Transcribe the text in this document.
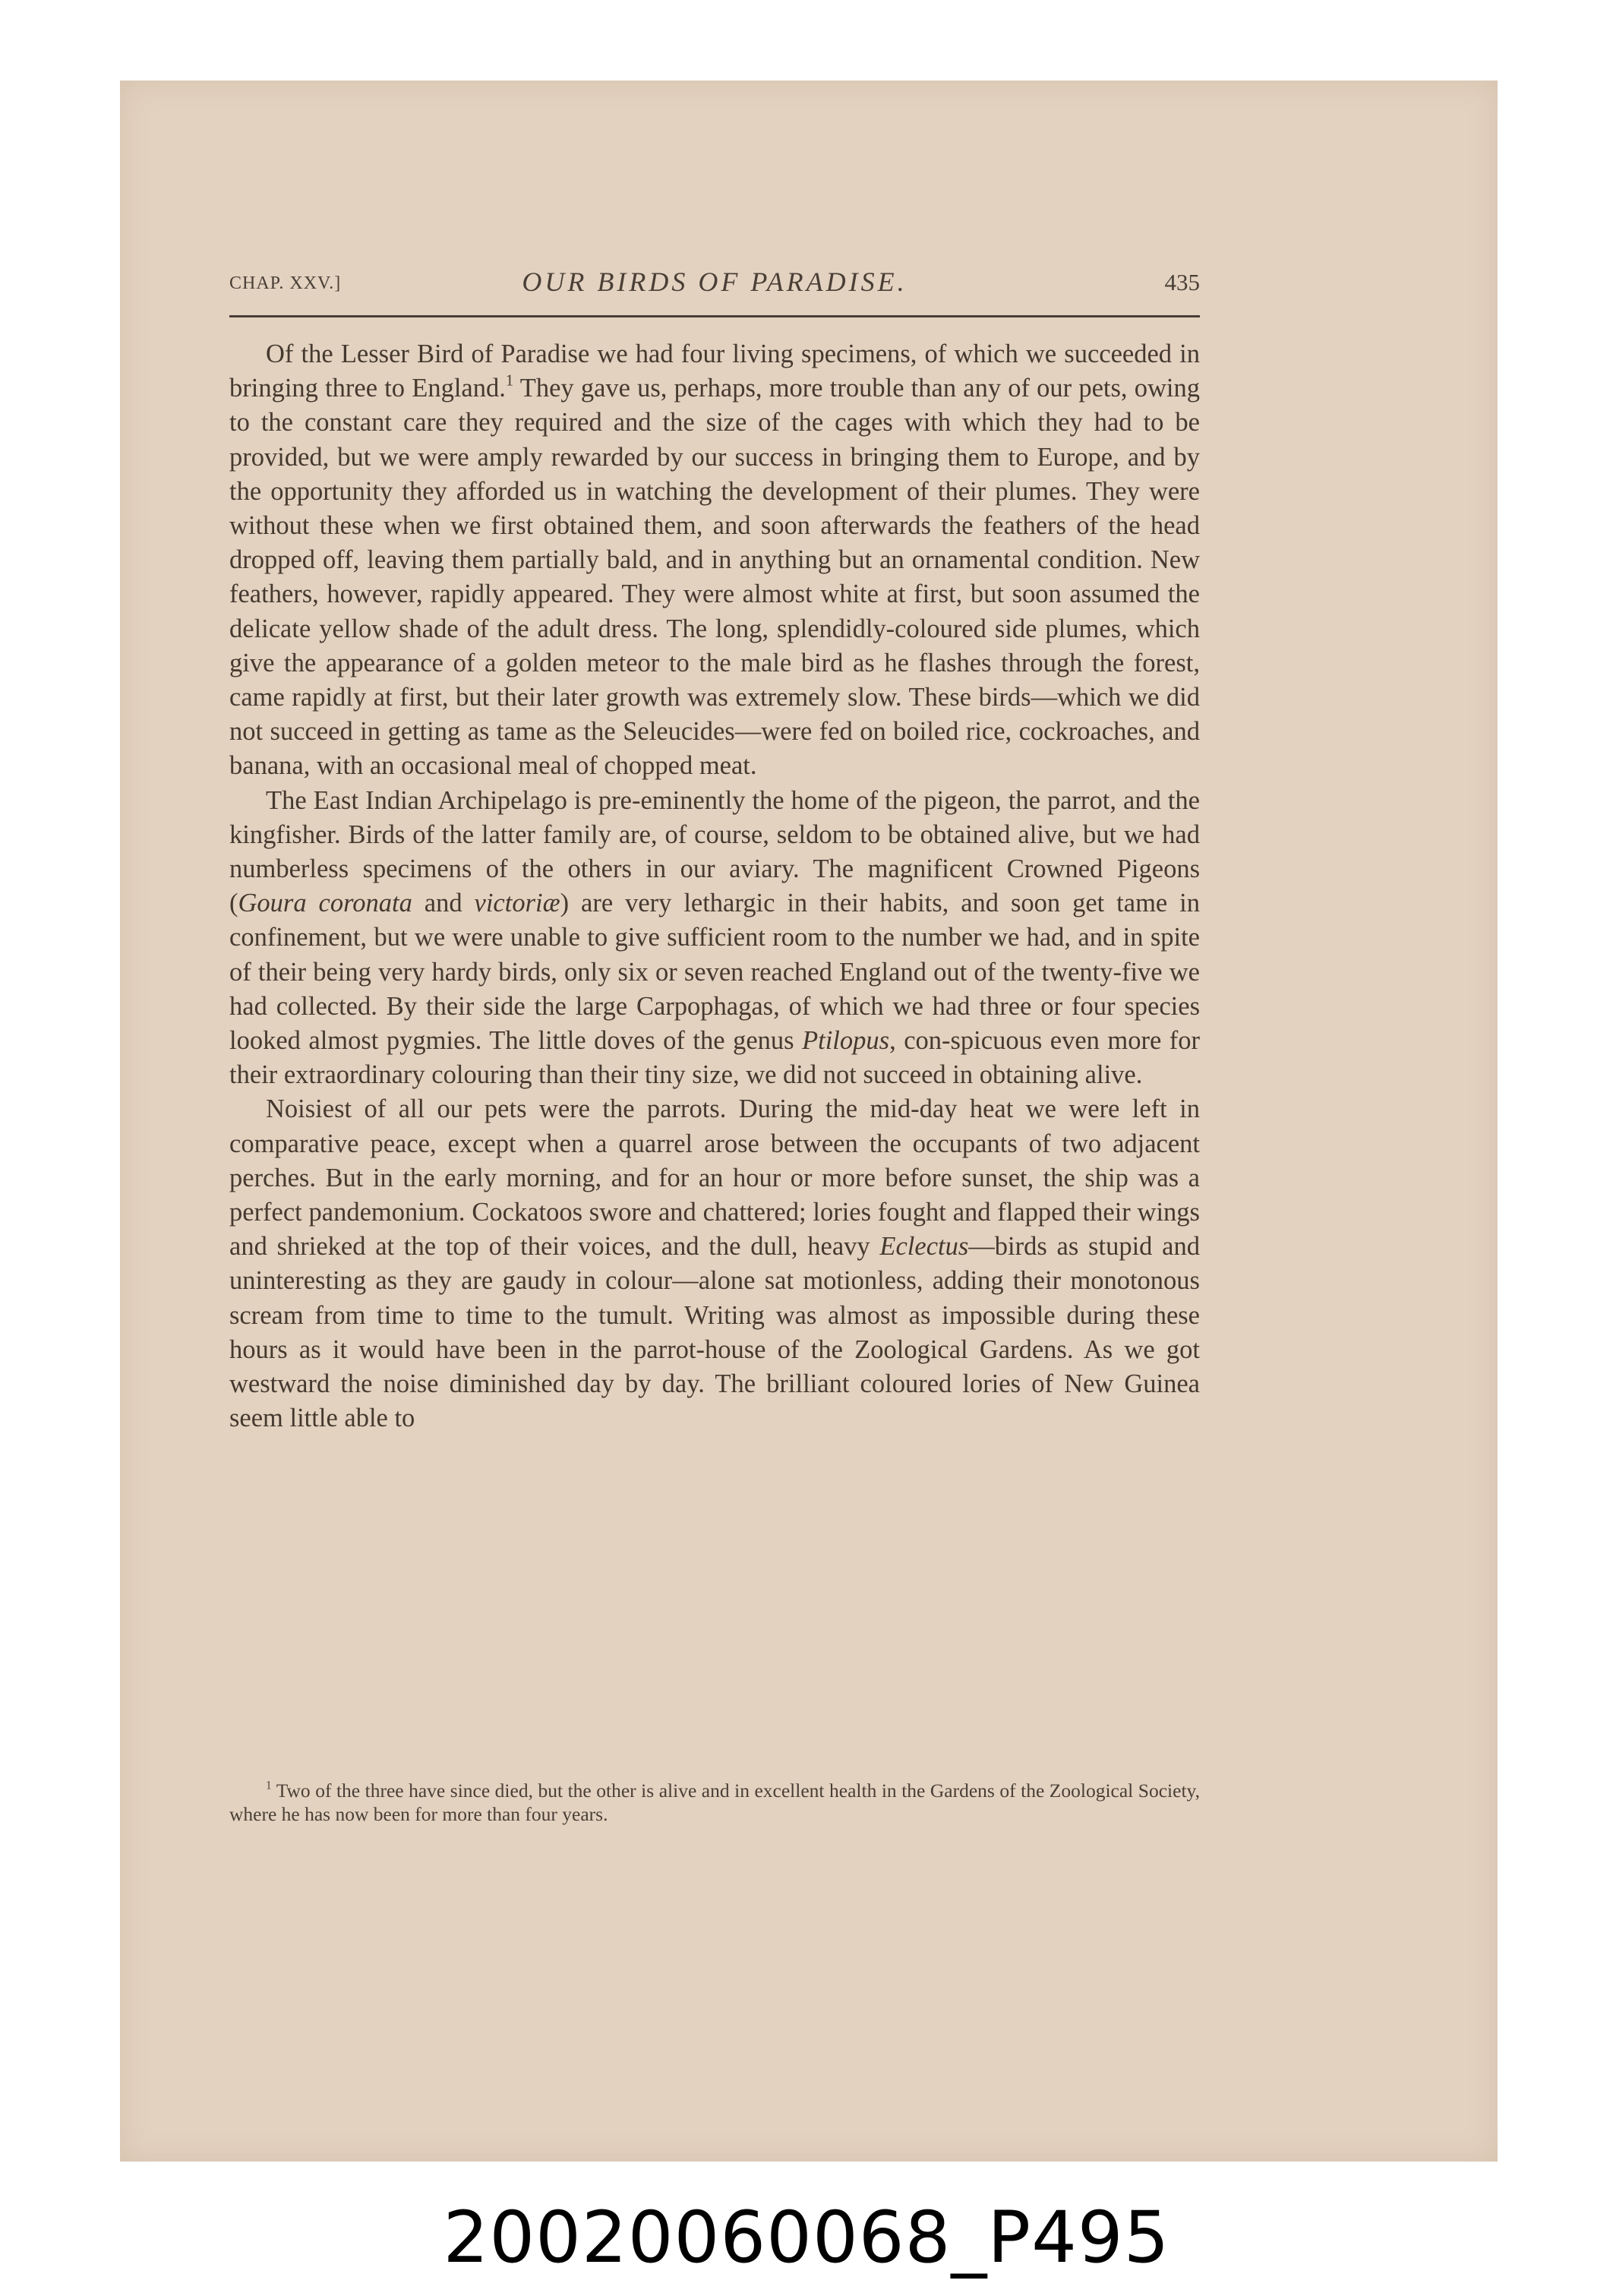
CHAP. XXV.]	OUR BIRDS OF PARADISE.	435

Of the Lesser Bird of Paradise we had four living specimens, of which we succeeded in bringing three to England.$^1$ They gave us, perhaps, more trouble than any of our pets, owing to the constant care they required and the size of the cages with which they had to be provided, but we were amply rewarded by our success in bringing them to Europe, and by the opportunity they afforded us in watching the development of their plumes. They were without these when we first obtained them, and soon afterwards the feathers of the head dropped off, leaving them partially bald, and in anything but an ornamental condition. New feathers, however, rapidly appeared. They were almost white at first, but soon assumed the delicate yellow shade of the adult dress. The long, splendidly-coloured side plumes, which give the appearance of a golden meteor to the male bird as he flashes through the forest, came rapidly at first, but their later growth was extremely slow. These birds—which we did not succeed in getting as tame as the Seleucides—were fed on boiled rice, cockroaches, and banana, with an occasional meal of chopped meat.

The East Indian Archipelago is pre-eminently the home of the pigeon, the parrot, and the kingfisher. Birds of the latter family are, of course, seldom to be obtained alive, but we had numberless specimens of the others in our aviary. The magnificent Crowned Pigeons (Goura coronata and victoriæ) are very lethargic in their habits, and soon get tame in confinement, but we were unable to give sufficient room to the number we had, and in spite of their being very hardy birds, only six or seven reached England out of the twenty-five we had collected. By their side the large Carpophagas, of which we had three or four species looked almost pygmies. The little doves of the genus Ptilopus, con-spicuous even more for their extraordinary colouring than their tiny size, we did not succeed in obtaining alive.

Noisiest of all our pets were the parrots. During the mid-day heat we were left in comparative peace, except when a quarrel arose between the occupants of two adjacent perches. But in the early morning, and for an hour or more before sunset, the ship was a perfect pandemonium. Cockatoos swore and chattered; lories fought and flapped their wings and shrieked at the top of their voices, and the dull, heavy Eclectus—birds as stupid and uninteresting as they are gaudy in colour—alone sat motionless, adding their monotonous scream from time to time to the tumult. Writing was almost as impossible during these hours as it would have been in the parrot-house of the Zoological Gardens. As we got westward the noise diminished day by day. The brilliant coloured lories of New Guinea seem little able to

$^1$ Two of the three have since died, but the other is alive and in excellent health in the Gardens of the Zoological Society, where he has now been for more than four years.
20020060068_P495
